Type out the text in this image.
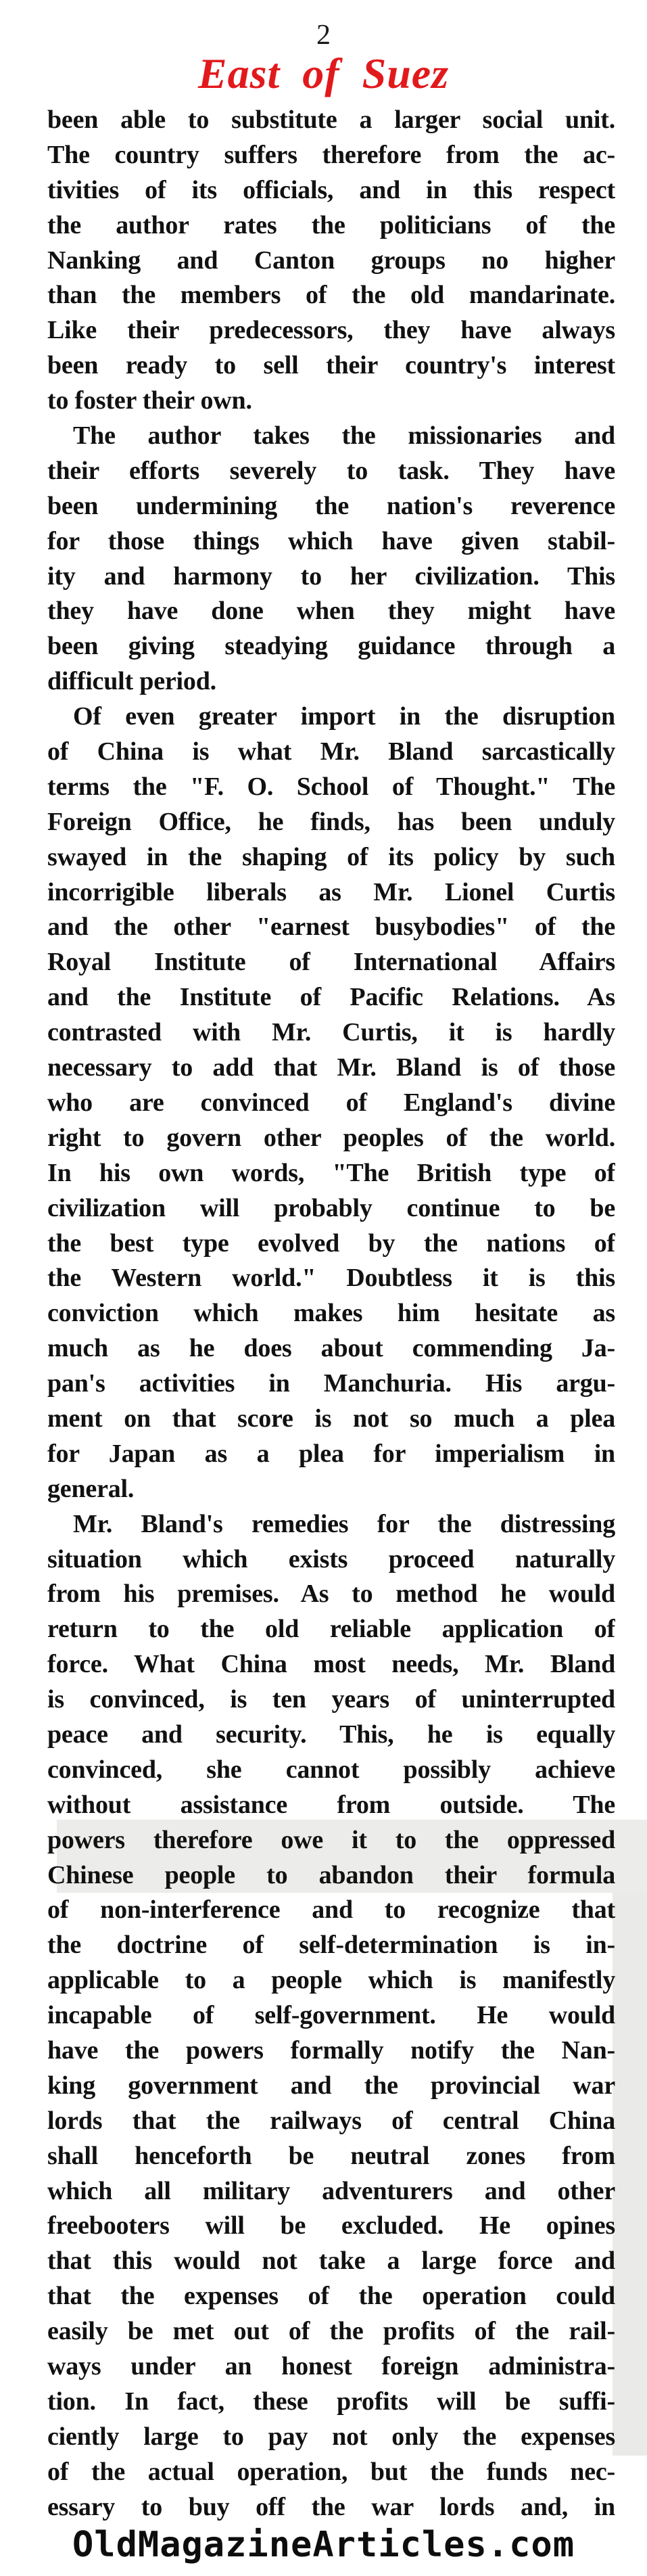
2
East of Suez
been able to substitute a larger social unit.
The country suffers therefore from the ac-
tivities of its officials, and in this respect
the author rates the politicians of the
Nanking and Canton groups no higher
than the members of the old mandarinate.
Like their predecessors, they have always
been ready to sell their country's interest
to foster their own.
The author takes the missionaries and
their efforts severely to task. They have
been undermining the nation's reverence
for those things which have given stabil-
ity and harmony to her civilization. This
they have done when they might have
been giving steadying guidance through a
difficult period.
Of even greater import in the disruption
of China is what Mr. Bland sarcastically
terms the "F. O. School of Thought." The
Foreign Office, he finds, has been unduly
swayed in the shaping of its policy by such
incorrigible liberals as Mr. Lionel Curtis
and the other "earnest busybodies" of the
Royal Institute of International Affairs
and the Institute of Pacific Relations. As
contrasted with Mr. Curtis, it is hardly
necessary to add that Mr. Bland is of those
who are convinced of England's divine
right to govern other peoples of the world.
In his own words, "The British type of
civilization will probably continue to be
the best type evolved by the nations of
the Western world." Doubtless it is this
conviction which makes him hesitate as
much as he does about commending Ja-
pan's activities in Manchuria. His argu-
ment on that score is not so much a plea
for Japan as a plea for imperialism in
general.
Mr. Bland's remedies for the distressing
situation which exists proceed naturally
from his premises. As to method he would
return to the old reliable application of
force. What China most needs, Mr. Bland
is convinced, is ten years of uninterrupted
peace and security. This, he is equally
convinced, she cannot possibly achieve
without assistance from outside. The
powers therefore owe it to the oppressed
Chinese people to abandon their formula
of non-interference and to recognize that
the doctrine of self-determination is in-
applicable to a people which is manifestly
incapable of self-government. He would
have the powers formally notify the Nan-
king government and the provincial war
lords that the railways of central China
shall henceforth be neutral zones from
which all military adventurers and other
freebooters will be excluded. He opines
that this would not take a large force and
that the expenses of the operation could
easily be met out of the profits of the rail-
ways under an honest foreign administra-
tion. In fact, these profits will be suffi-
ciently large to pay not only the expenses
of the actual operation, but the funds nec-
essary to buy off the war lords and, in
OldMagazineArticles.com
